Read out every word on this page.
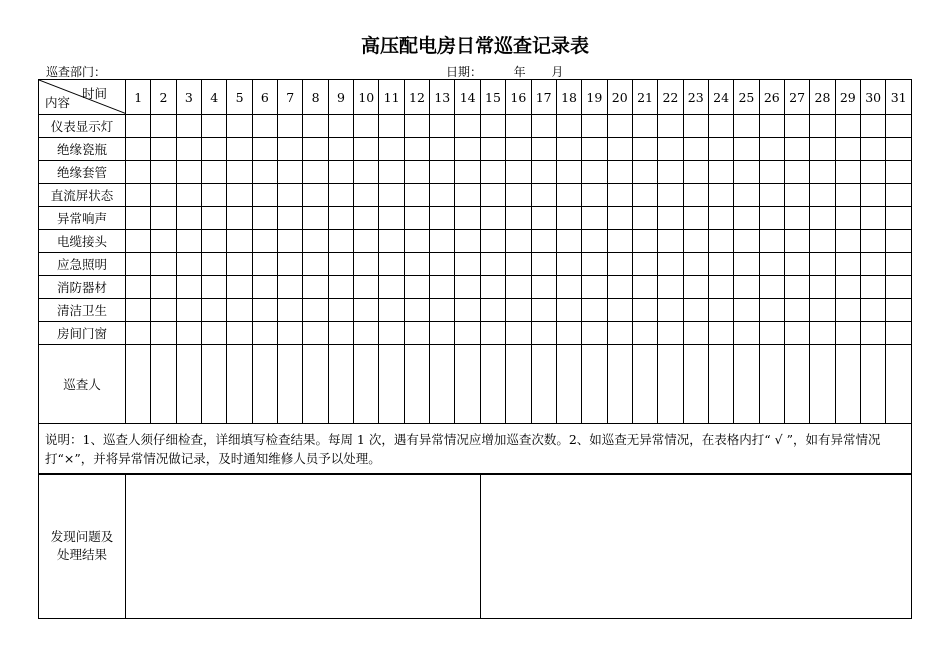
高压配电房日常巡查记录表
巡查部门：	日期：	年 月
时间
内容	1	2	3	4	5	6	7	8	9	10	11	12	13	14	15	16	17	18	19	20	21	22	23	24	25	26	27	28	29	30	31
仪表显示灯																															
绝缘瓷瓶																															
绝缘套管																															
直流屏状态																															
异常响声																															
电缆接头																															
应急照明																															
消防器材																															
清洁卫生																															
房间门窗																															
巡查人																															
说明：1、巡查人须仔细检查，详细填写检查结果。每周 1 次，遇有异常情况应增加巡查次数。2、如巡查无异常情况，在表格内打“ √ ”，如有异常情况打“×”，并将异常情况做记录，及时通知维修人员予以处理。																															
发现问题及处理结果
